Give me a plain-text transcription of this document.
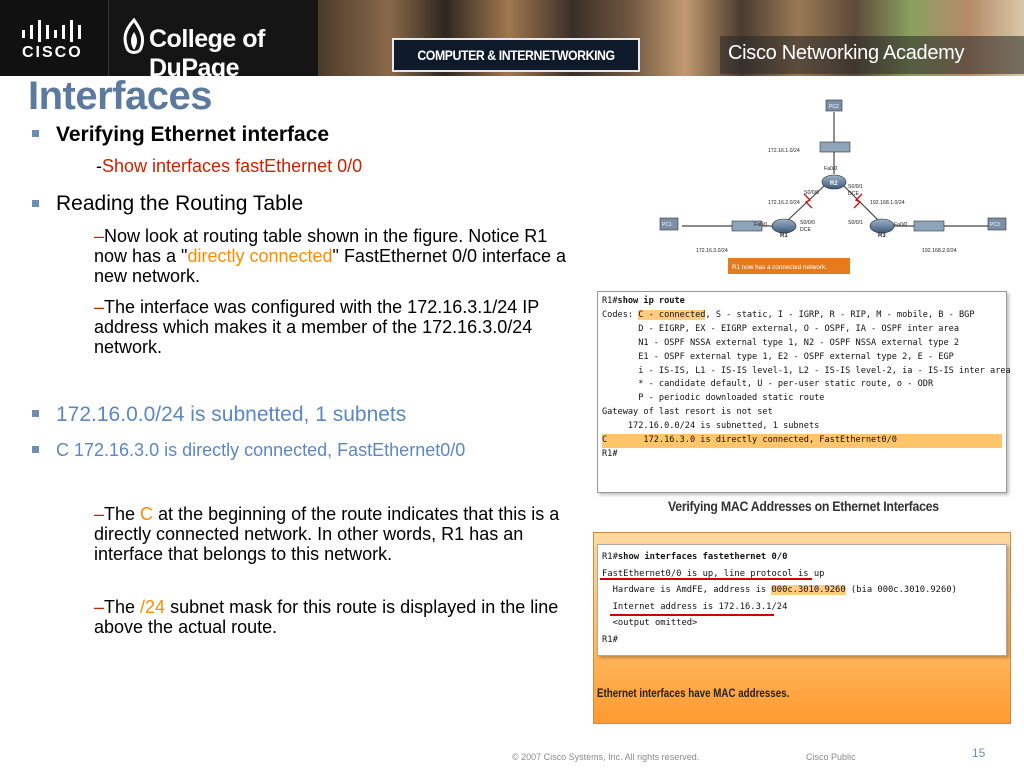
CISCO	College of DuPage	COMPUTER & INTERNETWORKING TECHNOLOGIES
Cisco Networking Academy
Interfaces
Verifying Ethernet interface
-Show interfaces fastEthernet 0/0
Reading the Routing Table
–Now look at routing table shown in the figure. Notice R1 now has a "directly connected" FastEthernet 0/0 interface a new network.
–The interface was configured with the 172.16.3.1/24 IP address which makes it a member of the 172.16.3.0/24 network.
172.16.0.0/24 is subnetted, 1 subnets
C 172.16.3.0 is directly connected, FastEthernet0/0
–The C at the beginning of the route indicates that this is a directly connected network. In other words, R1 has an interface that belongs to this network.
–The /24 subnet mask for this route is displayed in the line above the actual route.
PC2
PC1	PC3
R2
R1	R3
172.16.1.0/24
Fa0/0
S0/0/0
S0/0/1
DCE
172.16.2.0/24	192.168.1.0/24
Fa0/0	S0/0/0
DCE
S0/0/1	Fa0/0
172.16.3.0/24	192.168.2.0/24
R1 now has a connected network.
R1#show ip route
Codes: C - connected, S - static, I - IGRP, R - RIP, M - mobile, B - BGP
D - EIGRP, EX - EIGRP external, O - OSPF, IA - OSPF inter area
N1 - OSPF NSSA external type 1, N2 - OSPF NSSA external type 2
E1 - OSPF external type 1, E2 - OSPF external type 2, E - EGP
i - IS-IS, L1 - IS-IS level-1, L2 - IS-IS level-2, ia - IS-IS inter area
* - candidate default, U - per-user static route, o - ODR
P - periodic downloaded static route
Gateway of last resort is not set
172.16.0.0/24 is subnetted, 1 subnets
C       172.16.3.0 is directly connected, FastEthernet0/0
R1#
Verifying MAC Addresses on Ethernet Interfaces
R1#show interfaces fastethernet 0/0
FastEthernet0/0 is up, line protocol is up
Hardware is AmdFE, address is 000c.3010.9260 (bia 000c.3010.9260)
Internet address is 172.16.3.1/24
<output omitted>
R1#
Ethernet interfaces have MAC addresses.
© 2007 Cisco Systems, Inc. All rights reserved.	Cisco Public	15
